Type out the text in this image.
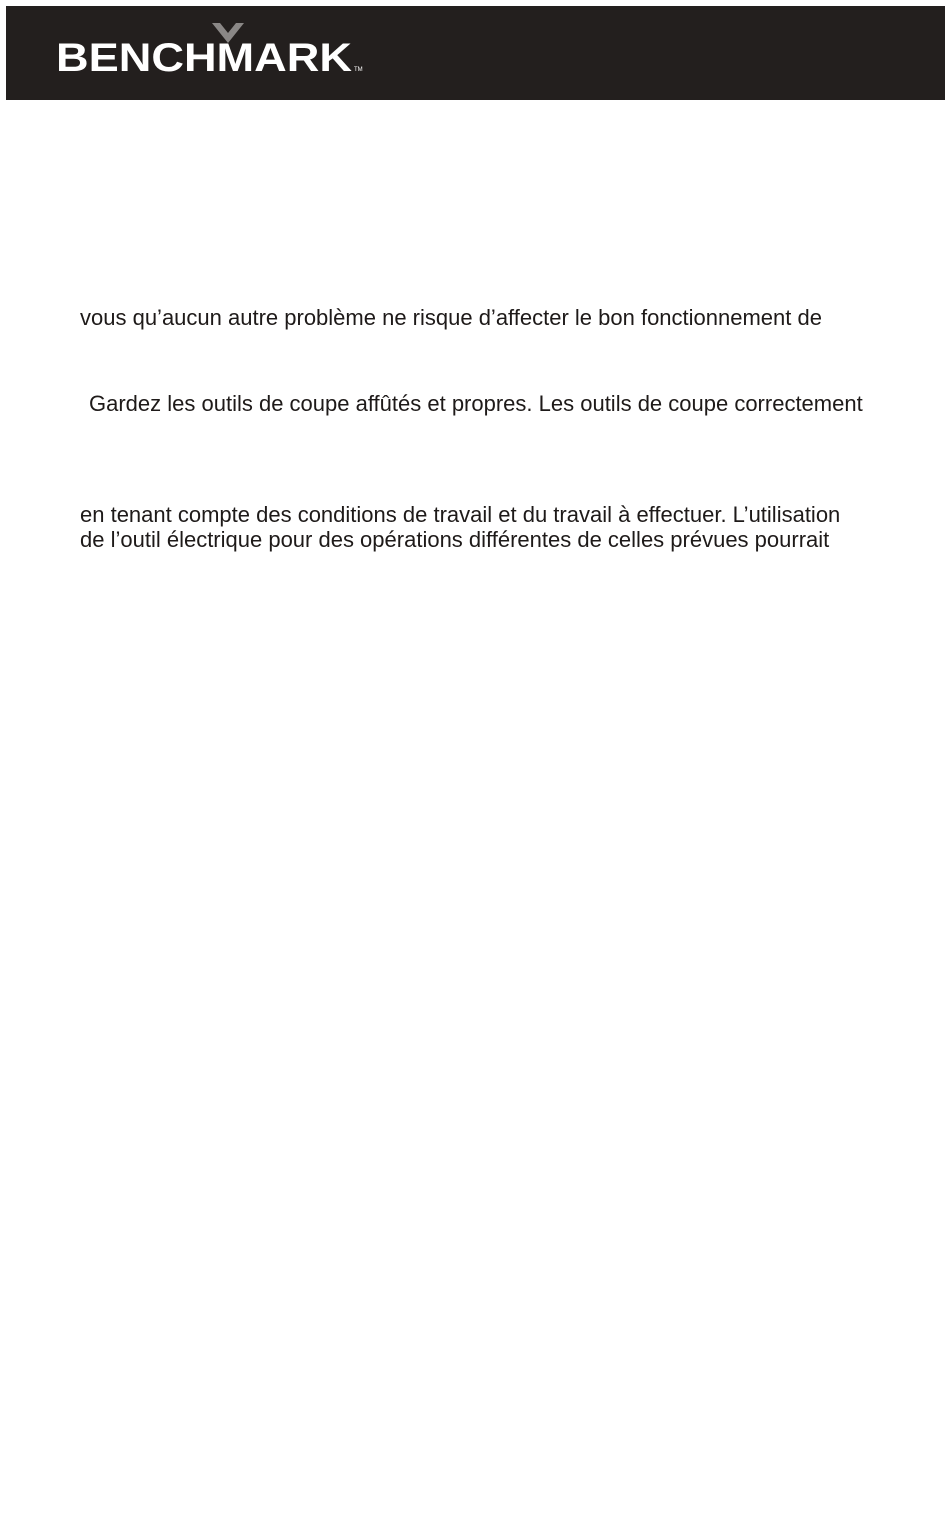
BENCHMARK TM

vous qu’aucun autre problème ne risque d’affecter le bon fonctionnement de

Gardez les outils de coupe affûtés et propres. Les outils de coupe correctement

en tenant compte des conditions de travail et du travail à effectuer. L’utilisation

de l’outil électrique pour des opérations différentes de celles prévues pourrait
